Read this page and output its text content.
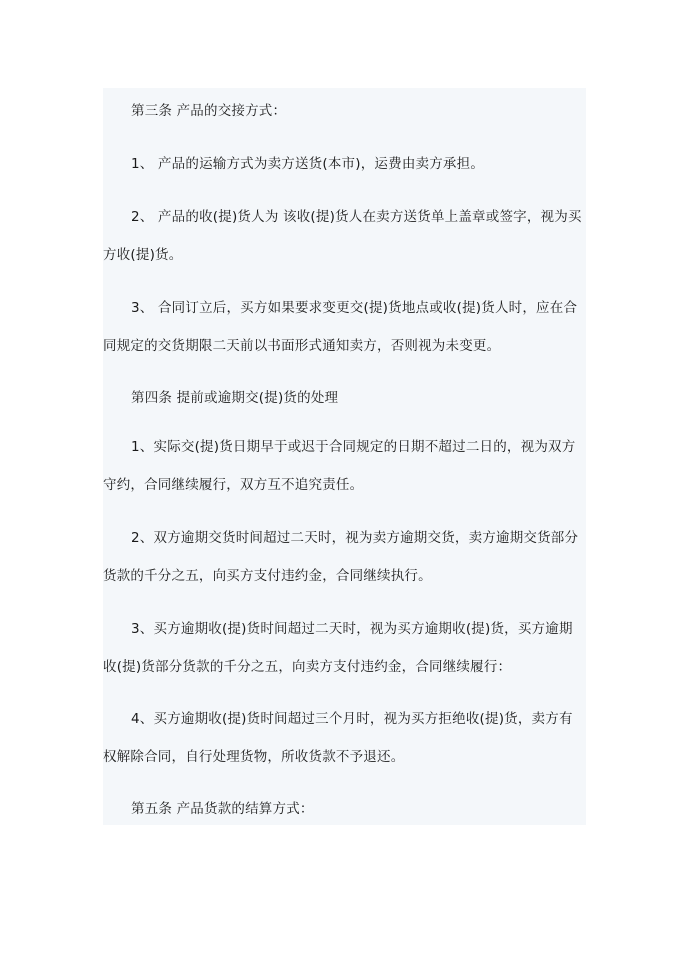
第三条 产品的交接方式：
1、 产品的运输方式为卖方送货(本市)，运费由卖方承担。
2、 产品的收(提)货人为 该收(提)货人在卖方送货单上盖章或签字，视为买
方收(提)货。
3、 合同订立后，买方如果要求变更交(提)货地点或收(提)货人时，应在合
同规定的交货期限二天前以书面形式通知卖方，否则视为未变更。
第四条 提前或逾期交(提)货的处理
1、实际交(提)货日期早于或迟于合同规定的日期不超过二日的，视为双方
守约，合同继续履行，双方互不追究责任。
2、双方逾期交货时间超过二天时，视为卖方逾期交货，卖方逾期交货部分
货款的千分之五，向买方支付违约金，合同继续执行。
3、买方逾期收(提)货时间超过二天时，视为买方逾期收(提)货，买方逾期
收(提)货部分货款的千分之五，向卖方支付违约金，合同继续履行：
4、买方逾期收(提)货时间超过三个月时，视为买方拒绝收(提)货，卖方有
权解除合同，自行处理货物，所收货款不予退还。
第五条 产品货款的结算方式：
